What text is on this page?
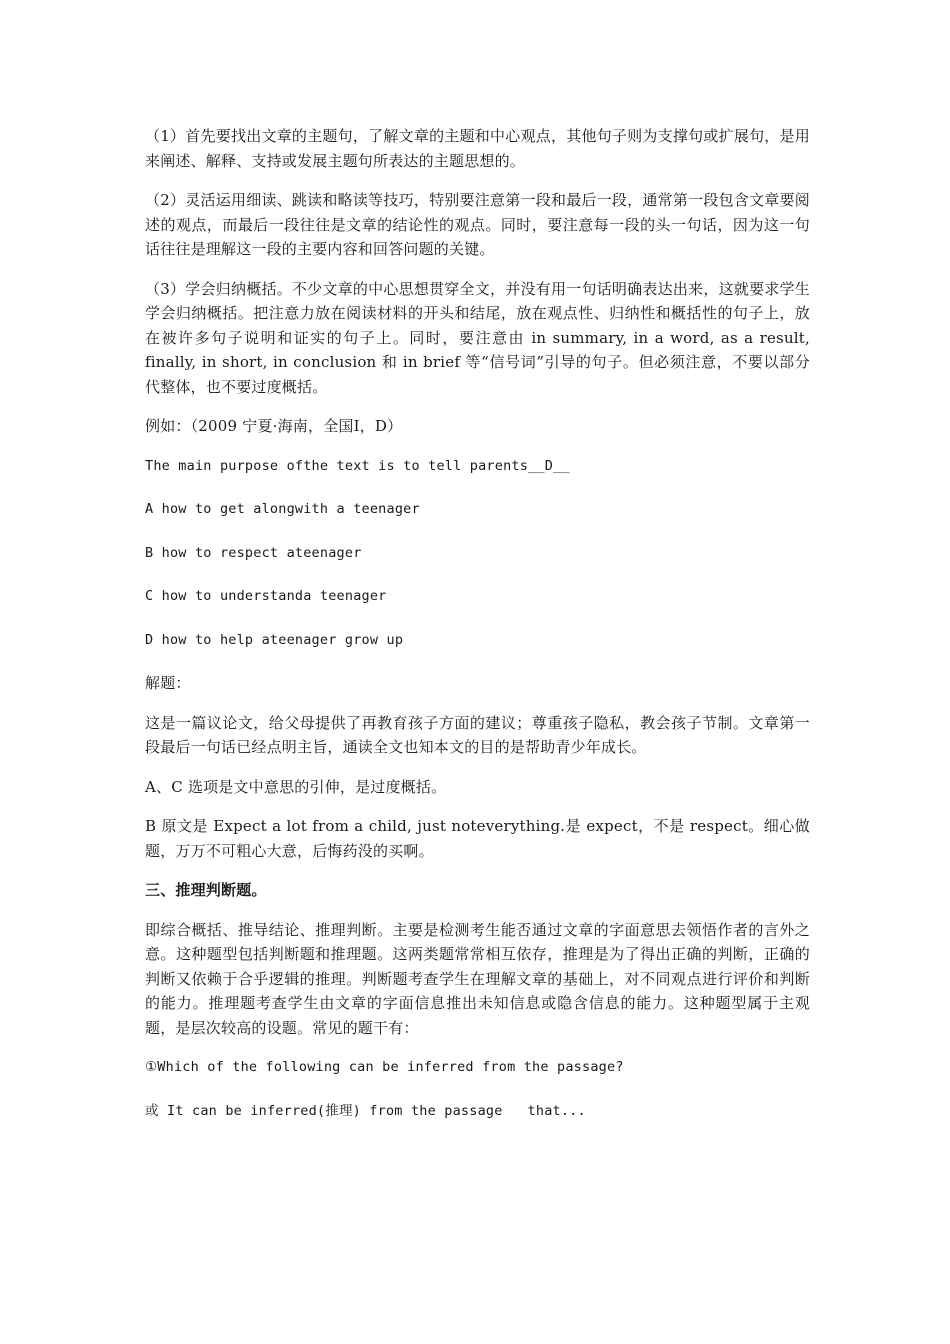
（1）首先要找出文章的主题句，了解文章的主题和中心观点，其他句子则为支撑句或扩展句，是用来阐述、解释、支持或发展主题句所表达的主题思想的。

（2）灵活运用细读、跳读和略读等技巧，特别要注意第一段和最后一段，通常第一段包含文章要阅述的观点，而最后一段往往是文章的结论性的观点。同时，要注意每一段的头一句话，因为这一句话往往是理解这一段的主要内容和回答问题的关键。

（3）学会归纳概括。不少文章的中心思想贯穿全文，并没有用一句话明确表达出来，这就要求学生学会归纳概括。把注意力放在阅读材料的开头和结尾，放在观点性、归纳性和概括性的句子上，放在被许多句子说明和证实的句子上。同时，要注意由 in summary, in a word, as a result, finally, in short, in conclusion 和 in brief 等“信号词”引导的句子。但必须注意，不要以部分代整体，也不要过度概括。

例如：（2009 宁夏·海南，全国Ⅰ，D）

The main purpose ofthe text is to tell parents__D__

A how to get alongwith a teenager

B how to respect ateenager

C how to understanda teenager

D how to help ateenager grow up

解题：

这是一篇议论文，给父母提供了再教育孩子方面的建议；尊重孩子隐私，教会孩子节制。文章第一段最后一句话已经点明主旨，通读全文也知本文的目的是帮助青少年成长。

A、C 选项是文中意思的引伸，是过度概括。

B 原文是 Expect a lot from a child, just noteverything.是 expect，不是 respect。细心做题，万万不可粗心大意，后悔药没的买啊。

三、推理判断题。

即综合概括、推导结论、推理判断。主要是检测考生能否通过文章的字面意思去领悟作者的言外之意。这种题型包括判断题和推理题。这两类题常常相互依存，推理是为了得出正确的判断，正确的判断又依赖于合乎逻辑的推理。判断题考查学生在理解文章的基础上，对不同观点进行评价和判断的能力。推理题考查学生由文章的字面信息推出未知信息或隐含信息的能力。这种题型属于主观题，是层次较高的设题。常见的题干有：

①Which of the following can be inferred from the passage?

或 It can be inferred(推理) from the passage   that...
